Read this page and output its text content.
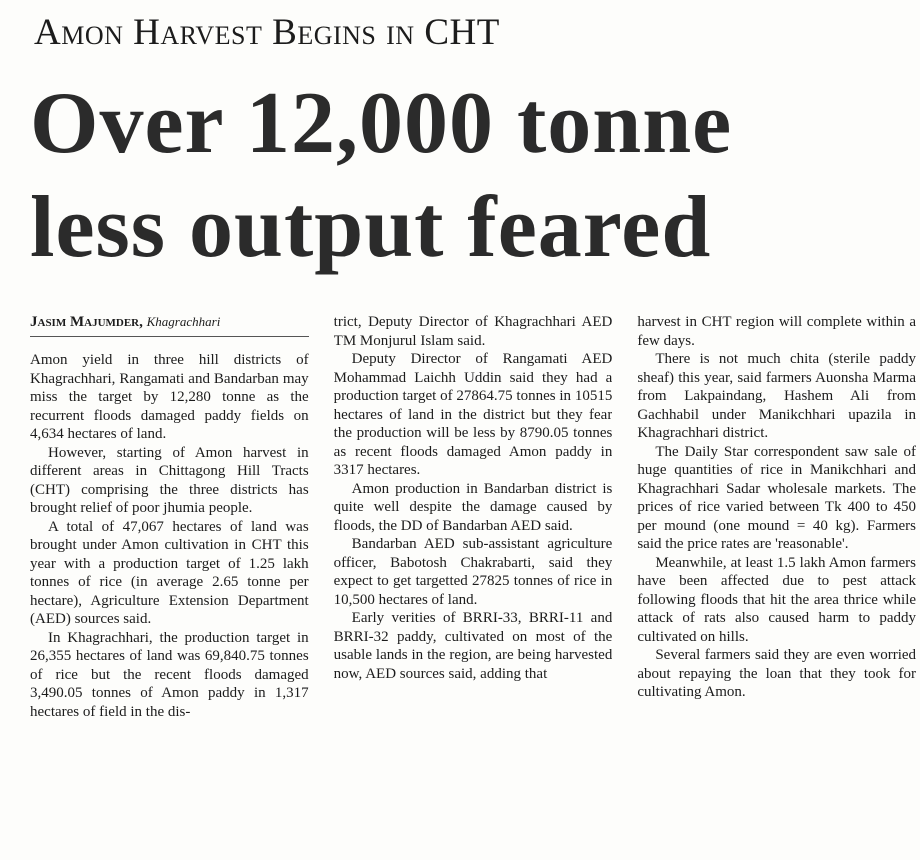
Amon Harvest Begins in CHT
Over 12,000 tonne
less output feared
Jasim Majumder, Khagrachhari

Amon yield in three hill districts of Khagrachhari, Rangamati and Bandarban may miss the target by 12,280 tonne as the recurrent floods damaged paddy fields on 4,634 hectares of land.

However, starting of Amon harvest in different areas in Chittagong Hill Tracts (CHT) comprising the three districts has brought relief of poor jhumia people.

A total of 47,067 hectares of land was brought under Amon cultivation in CHT this year with a production target of 1.25 lakh tonnes of rice (in average 2.65 tonne per hectare), Agriculture Extension Department (AED) sources said.

In Khagrachhari, the production target in 26,355 hectares of land was 69,840.75 tonnes of rice but the recent floods damaged 3,490.05 tonnes of Amon paddy in 1,317 hectares of field in the dis-

trict, Deputy Director of Khagrachhari AED TM Monjurul Islam said.

Deputy Director of Rangamati AED Mohammad Laichh Uddin said they had a production target of 27864.75 tonnes in 10515 hectares of land in the district but they fear the production will be less by 8790.05 tonnes as recent floods damaged Amon paddy in 3317 hectares.

Amon production in Bandarban district is quite well despite the damage caused by floods, the DD of Bandarban AED said.

Bandarban AED sub-assistant agriculture officer, Babotosh Chakrabarti, said they expect to get targetted 27825 tonnes of rice in 10,500 hectares of land.

Early verities of BRRI-33, BRRI-11 and BRRI-32 paddy, cultivated on most of the usable lands in the region, are being harvested now, AED sources said, adding that

harvest in CHT region will complete within a few days.

There is not much chita (sterile paddy sheaf) this year, said farmers Auonsha Marma from Lakpaindang, Hashem Ali from Gachhabil under Manikchhari upazila in Khagrachhari district.

The Daily Star correspondent saw sale of huge quantities of rice in Manikchhari and Khagrachhari Sadar wholesale markets. The prices of rice varied between Tk 400 to 450 per mound (one mound = 40 kg). Farmers said the price rates are 'reasonable'.

Meanwhile, at least 1.5 lakh Amon farmers have been affected due to pest attack following floods that hit the area thrice while attack of rats also caused harm to paddy cultivated on hills.

Several farmers said they are even worried about repaying the loan that they took for cultivating Amon.
